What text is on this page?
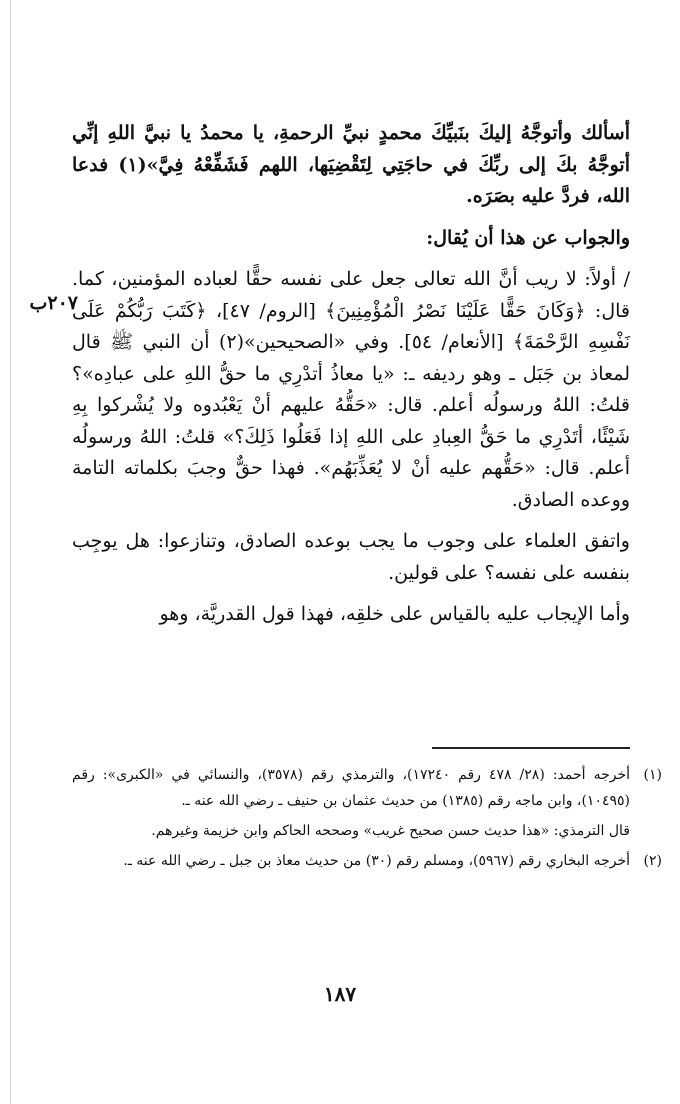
أسألك وأتوجَّهُ إليكَ بنَبيِّكَ محمدٍ نبيِّ الرحمةِ، يا محمدُ يا نبيَّ اللهِ إنِّي أتوجَّهُ بكَ إلى ربِّكَ في حاجَتِي لِتَقْضِيَها، اللهم فَشَفِّعْهُ فِيَّ»(١) فدعا الله، فردَّ عليه بصَرَه.

والجواب عن هذا أن يُقال:

/ أولاً: لا ريب أنَّ الله تعالى جعل على نفسه حقًّا لعباده المؤمنين، كما. قال: ﴿وَكَانَ حَقًّا عَلَيْنَا نَصْرُ الْمُؤْمِنِينَ﴾ [الروم/ ٤٧]، ﴿كَتَبَ رَبُّكُمْ عَلَى نَفْسِهِ الرَّحْمَةَ﴾ [الأنعام/ ٥٤]. وفي «الصحيحين»(٢) أن النبي ﷺ قال لمعاذ بن جَبَل ـ وهو رديفه ـ: «يا معاذُ أتدْرِي ما حقُّ اللهِ على عبادِه»؟ قلتُ: اللهُ ورسولُه أعلم. قال: «حَقُّهُ عليهم أنْ يَعْبُدوه ولا يُشْركوا بِهِ شَيْئًا، أتَدْرِي ما حَقُّ العِبادِ على اللهِ إذا فَعَلُوا ذَلِكَ؟» قلتُ: اللهُ ورسولُه أعلم. قال: «حَقُّهم عليه أنْ لا يُعَذِّبَهُم». فهذا حقٌّ وجبَ بكلماته التامة ووعده الصادق.

واتفق العلماء على وجوب ما يجب بوعده الصادق، وتنازعوا: هل يوجِب بنفسه على نفسه؟ على قولين.

وأما الإيجاب عليه بالقياس على خلقِه، فهذا قول القدريَّة، وهو

٢٠٧ب
(١)
أخرجه أحمد: (٢٨/ ٤٧٨ رقم ١٧٢٤٠)، والترمذي رقم (٣٥٧٨)، والنسائي في «الكبرى»: رقم (١٠٤٩٥)، وابن ماجه رقم (١٣٨٥) من حديث عثمان بن حنيف ـ رضي الله عنه ـ.
قال الترمذي: «هذا حديث حسن صحيح غريب» وصححه الحاكم وابن خزيمة وغيرهم.
(٢)
أخرجه البخاري رقم (٥٩٦٧)، ومسلم رقم (٣٠) من حديث معاذ بن جبل ـ رضي الله عنه ـ.
١٨٧
